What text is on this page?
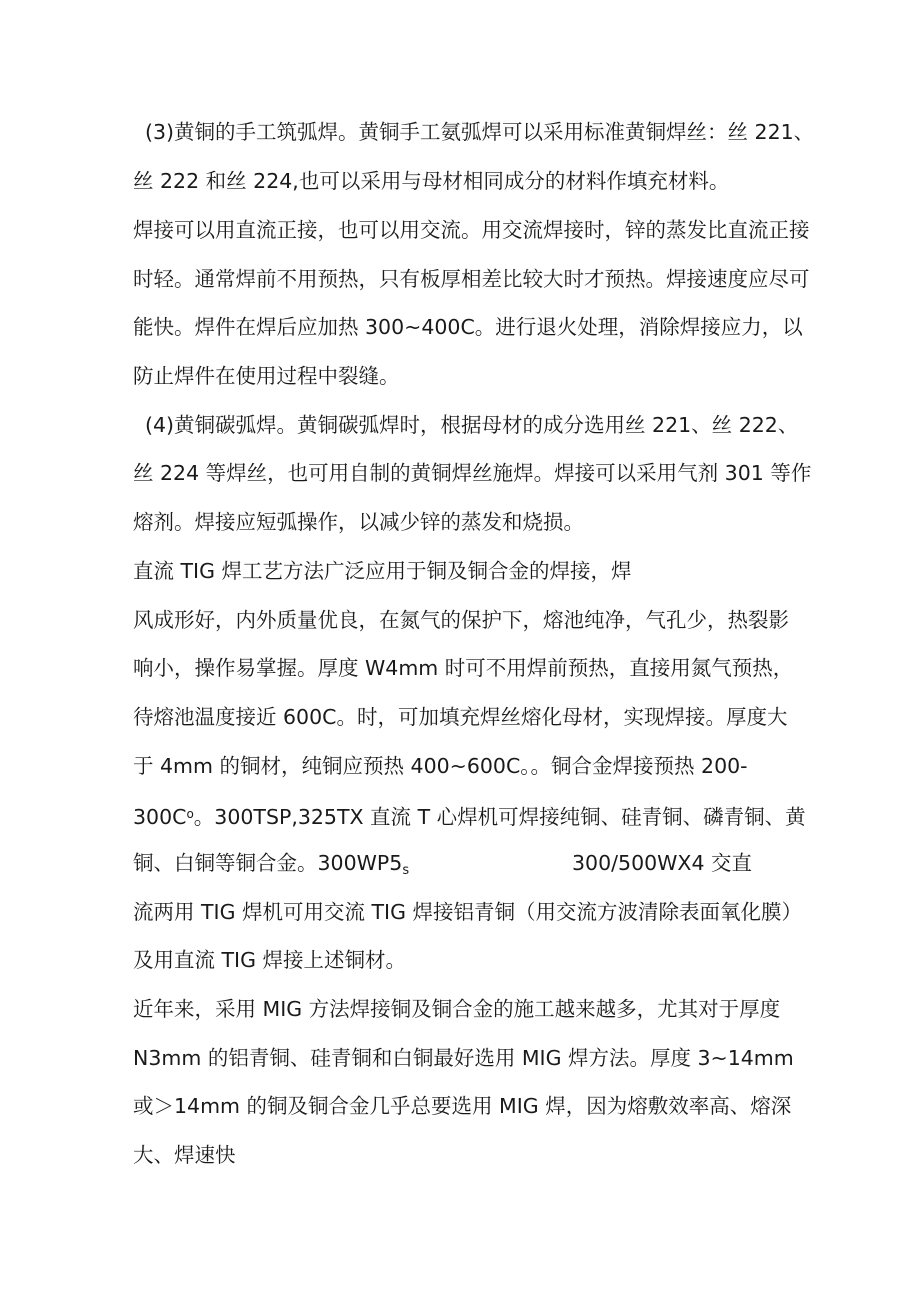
(3)黄铜的手工筑弧焊。黄铜手工氨弧焊可以采用标准黄铜焊丝：丝 221、
丝 222 和丝 224,也可以采用与母材相同成分的材料作填充材料。
焊接可以用直流正接，也可以用交流。用交流焊接时，锌的蒸发比直流正接
时轻。通常焊前不用预热，只有板厚相差比较大时才预热。焊接速度应尽可
能快。焊件在焊后应加热 300~400C。进行退火处理，消除焊接应力，以
防止焊件在使用过程中裂缝。
(4)黄铜碳弧焊。黄铜碳弧焊时，根据母材的成分选用丝 221、丝 222、
丝 224 等焊丝，也可用自制的黄铜焊丝施焊。焊接可以采用气剂 301 等作
熔剂。焊接应短弧操作，以减少锌的蒸发和烧损。
直流 TIG 焊工艺方法广泛应用于铜及铜合金的焊接，焊
风成形好，内外质量优良，在氮气的保护下，熔池纯净，气孔少，热裂影
响小，操作易掌握。厚度 W4mm 时可不用焊前预热，直接用氮气预热，
待熔池温度接近 600C。时，可加填充焊丝熔化母材，实现焊接。厚度大
于 4mm 的铜材，纯铜应预热 400~600C。。铜合金焊接预热 200-
$300C^o$。300TSP,325TX 直流 T 心焊机可焊接纯铜、硅青铜、磷青铜、黄
铜、白铜等铜合金。$300WP5_s$	300/500WX4 交直
流两用 TIG 焊机可用交流 TIG 焊接铝青铜（用交流方波清除表面氧化膜）
及用直流 TIG 焊接上述铜材。
近年来，采用 MIG 方法焊接铜及铜合金的施工越来越多，尤其对于厚度
N3mm 的铝青铜、硅青铜和白铜最好选用 MIG 焊方法。厚度 3~14mm
或＞14mm 的铜及铜合金几乎总要选用 MIG 焊，因为熔敷效率高、熔深
大、焊速快
